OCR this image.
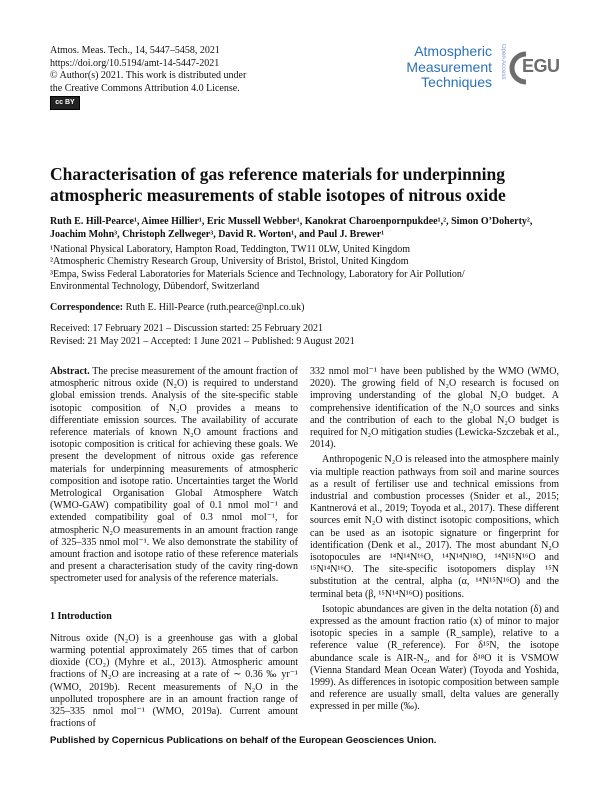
Atmos. Meas. Tech., 14, 5447–5458, 2021
https://doi.org/10.5194/amt-14-5447-2021
© Author(s) 2021. This work is distributed under
the Creative Commons Attribution 4.0 License.
cc BY
Atmospheric
Measurement
Techniques
Open Access EGU
Characterisation of gas reference materials for underpinning
atmospheric measurements of stable isotopes of nitrous oxide
Ruth E. Hill-Pearce¹, Aimee Hillier¹, Eric Mussell Webber¹, Kanokrat Charoenpornpukdee¹,², Simon O’Doherty²,
Joachim Mohn³, Christoph Zellweger³, David R. Worton¹, and Paul J. Brewer¹
¹National Physical Laboratory, Hampton Road, Teddington, TW11 0LW, United Kingdom
²Atmospheric Chemistry Research Group, University of Bristol, Bristol, United Kingdom
³Empa, Swiss Federal Laboratories for Materials Science and Technology, Laboratory for Air Pollution/
Environmental Technology, Dübendorf, Switzerland
Correspondence: Ruth E. Hill-Pearce (ruth.pearce@npl.co.uk)
Received: 17 February 2021 – Discussion started: 25 February 2021
Revised: 21 May 2021 – Accepted: 1 June 2021 – Published: 9 August 2021

Abstract. The precise measurement of the amount fraction of atmospheric nitrous oxide (N₂O) is required to understand global emission trends. Analysis of the site-specific stable isotopic composition of N₂O provides a means to differentiate emission sources. The availability of accurate reference materials of known N₂O amount fractions and isotopic composition is critical for achieving these goals. We present the development of nitrous oxide gas reference materials for underpinning measurements of atmospheric composition and isotope ratio. Uncertainties target the World Metrological Organisation Global Atmosphere Watch (WMO-GAW) compatibility goal of 0.1 nmol mol⁻¹ and extended compatibility goal of 0.3 nmol mol⁻¹, for atmospheric N₂O measurements in an amount fraction range of 325–335 nmol mol⁻¹. We also demonstrate the stability of amount fraction and isotope ratio of these reference materials and present a characterisation study of the cavity ring-down spectrometer used for analysis of the reference materials.

1 Introduction

Nitrous oxide (N₂O) is a greenhouse gas with a global warming potential approximately 265 times that of carbon dioxide (CO₂) (Myhre et al., 2013). Atmospheric amount fractions of N₂O are increasing at a rate of ∼ 0.36 ‰ yr⁻¹ (WMO, 2019b). Recent measurements of N₂O in the unpolluted troposphere are in an amount fraction range of 325–335 nmol mol⁻¹ (WMO, 2019a). Current amount fractions of

332 nmol mol⁻¹ have been published by the WMO (WMO, 2020). The growing field of N₂O research is focused on improving understanding of the global N₂O budget. A comprehensive identification of the N₂O sources and sinks and the contribution of each to the global N₂O budget is required for N₂O mitigation studies (Lewicka-Szczebak et al., 2014).

Anthropogenic N₂O is released into the atmosphere mainly via multiple reaction pathways from soil and marine sources as a result of fertiliser use and technical emissions from industrial and combustion processes (Snider et al., 2015; Kantnerová et al., 2019; Toyoda et al., 2017). These different sources emit N₂O with distinct isotopic compositions, which can be used as an isotopic signature or fingerprint for identification (Denk et al., 2017). The most abundant N₂O isotopocules are ¹⁴N¹⁴N¹⁶O, ¹⁴N¹⁴N¹⁸O, ¹⁴N¹⁵N¹⁶O and ¹⁵N¹⁴N¹⁶O. The site-specific isotopomers display ¹⁵N substitution at the central, alpha (α, ¹⁴N¹⁵N¹⁶O) and the terminal beta (β, ¹⁵N¹⁴N¹⁶O) positions.

Isotopic abundances are given in the delta notation (δ) and expressed as the amount fraction ratio (x) of minor to major isotopic species in a sample (R_sample), relative to a reference value (R_reference). For δ¹⁵N, the isotope abundance scale is AIR-N₂, and for δ¹⁸O it is VSMOW (Vienna Standard Mean Ocean Water) (Toyoda and Yoshida, 1999). As differences in isotopic composition between sample and reference are usually small, delta values are generally expressed in per mille (‰).

Published by Copernicus Publications on behalf of the European Geosciences Union.
